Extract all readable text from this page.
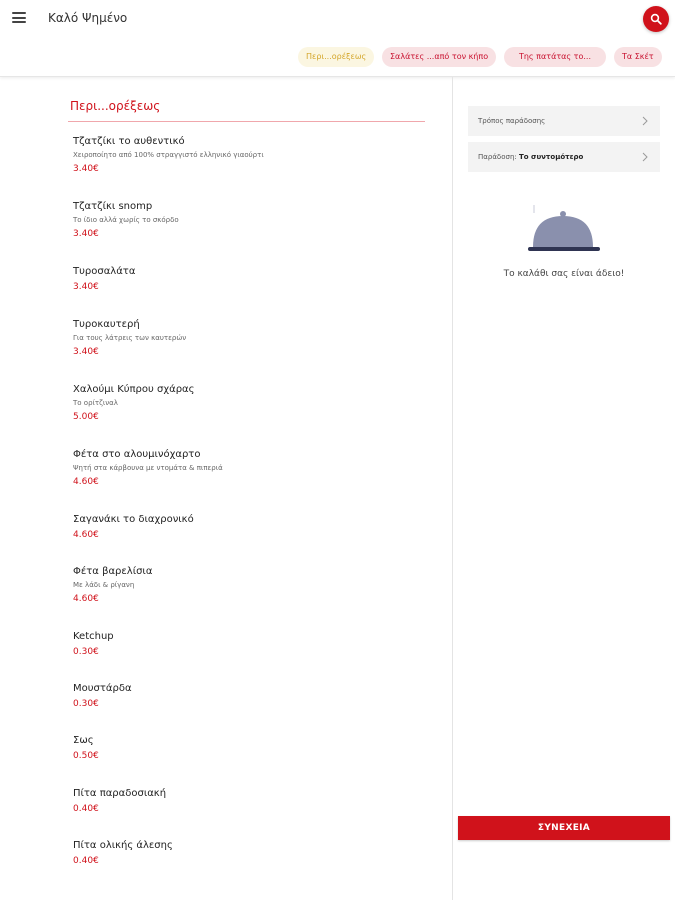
Καλό Ψημένο
Περι...ορέξεως	Σαλάτες ...από τον κήπο	Της πατάτας το...	Τα Σκέτ
Περι...ορέξεως
Τζατζίκι το αυθεντικό
Χειροποίητο από 100% στραγγιστό ελληνικό γιαούρτι
3.40€
Τζατζίκι snomp
Το ίδιο αλλά χωρίς το σκόρδο
3.40€
Τυροσαλάτα
3.40€
Τυροκαυτερή
Για τους λάτρεις των καυτερών
3.40€
Χαλούμι Κύπρου σχάρας
Το ορίτζιναλ
5.00€
Φέτα στο αλουμινόχαρτο
Ψητή στα κάρβουνα με ντομάτα & πιπεριά
4.60€
Σαγανάκι το διαχρονικό
4.60€
Φέτα βαρελίσια
Με λάδι & ρίγανη
4.60€
Ketchup
0.30€
Μουστάρδα
0.30€
Σως
0.50€
Πίτα παραδοσιακή
0.40€
Πίτα ολικής άλεσης
0.40€
Τρόπος παράδοσης
Παράδοση:
Το συντομότερο
Το καλάθι σας είναι άδειο!
ΣΥΝΕΧΕΙΑ
